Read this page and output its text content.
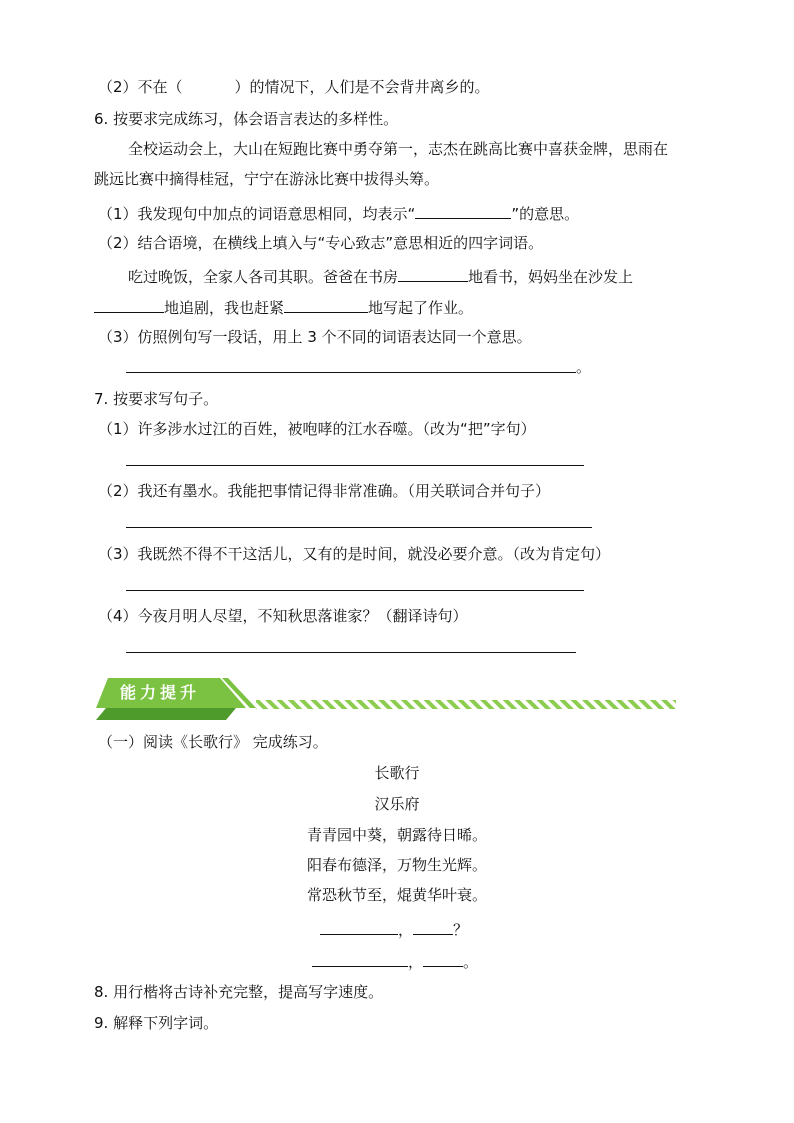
（2）不在（	）的情况下，人们是不会背井离乡的。
6. 按要求完成练习，体会语言表达的多样性。
全校运动会上，大山在短跑比赛中勇夺第一，志杰在跳高比赛中喜获金牌，思雨在
跳远比赛中摘得桂冠，宁宁在游泳比赛中拔得头筹。
（1）我发现句中加点的词语意思相同，均表示“	”的意思。
（2）结合语境，在横线上填入与“专心致志”意思相近的四字词语。
吃过晚饭，全家人各司其职。爸爸在书房	地看书，妈妈坐在沙发上
地追剧，我也赶紧	地写起了作业。
（3）仿照例句写一段话，用上 3 个不同的词语表达同一个意思。
。
7. 按要求写句子。
（1）许多涉水过江的百姓，被咆哮的江水吞噬。（改为“把”字句）
（2）我还有墨水。我能把事情记得非常准确。（用关联词合并句子）
（3）我既然不得不干这活儿，又有的是时间，就没必要介意。（改为肯定句）
（4）今夜月明人尽望，不知秋思落谁家？（翻译诗句）
能力提升
（一）阅读《长歌行》 完成练习。
长歌行
汉乐府
青青园中葵，朝露待日晞。
阳春布德泽，万物生光辉。
常恐秋节至，焜黄华叶衰。
，	？
，	。
8. 用行楷将古诗补充完整，提高写字速度。
9. 解释下列字词。
